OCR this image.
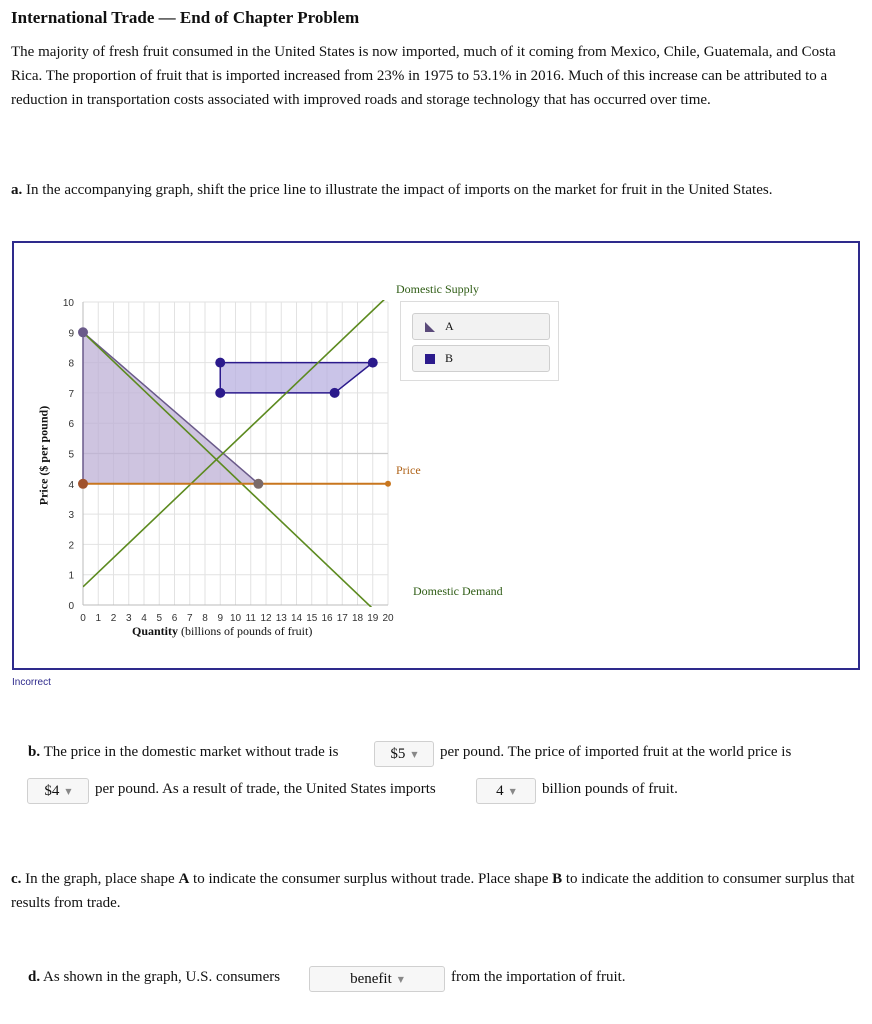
International Trade — End of Chapter Problem

The majority of fresh fruit consumed in the United States is now imported, much of it coming from Mexico, Chile, Guatemala, and Costa Rica. The proportion of fruit that is imported increased from 23% in 1975 to 53.1% in 2016. Much of this increase can be attributed to a reduction in transportation costs associated with improved roads and storage technology that has occurred over time.

a. In the accompanying graph, shift the price line to illustrate the impact of imports on the market for fruit in the United States.

0 1 2 3 4 5 6 7 8 9 10 11 12 13 14 15 16 17 18 19 20
0
1
2
3
4
5
6
7
8
9
10
Domestic Supply
Price
Domestic Demand
Quantity (billions of pounds of fruit)
Price ($ per pound)
A
B
Incorrect
b. The price in the domestic market without trade is	$5 ▼ per pound. The price of imported fruit at the world price is
$4 ▼ per pound. As a result of trade, the United States imports	4 ▼ billion pounds of fruit.

c. In the graph, place shape A to indicate the consumer surplus without trade. Place shape B to indicate the addition to consumer surplus that results from trade.

d. As shown in the graph, U.S. consumers	benefit ▼	from the importation of fruit.
